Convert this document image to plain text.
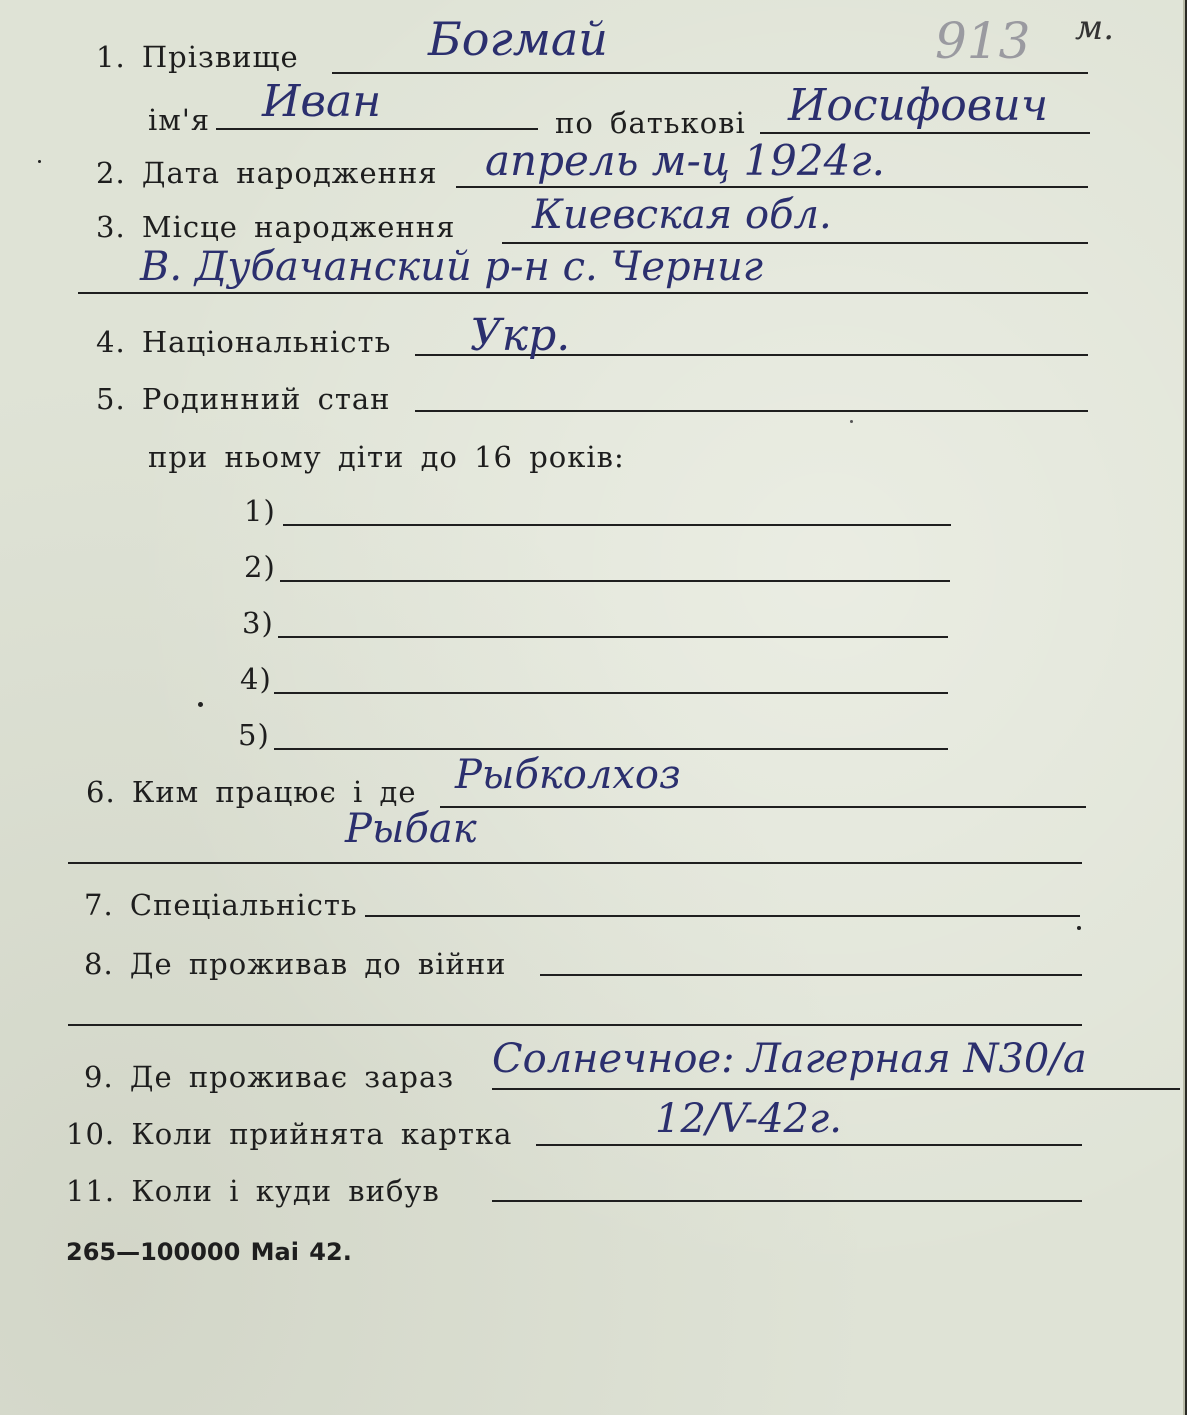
913 м.
1. Прізвище	Богмай
ім'я Иван	по батькові Иосифович
2. Дата народження апрель м-ц 1924г.
3. Місце народження Киевская обл.
В. Дубачанский р-н с. Черниг
4. Національність Укр.
5. Родинний стан
при ньому діти до 16 років:
1)
2)
3)
4)
5)
6. Ким працює і де Рыбколхоз
Рыбак
7. Спеціальність
8. Де проживав до війни
9. Де проживає зараз Солнечное: Лагерная N30/а
10. Коли прийнята картка	12/V-42г.
11. Коли і куди вибув
265—100000 Mai 42.
